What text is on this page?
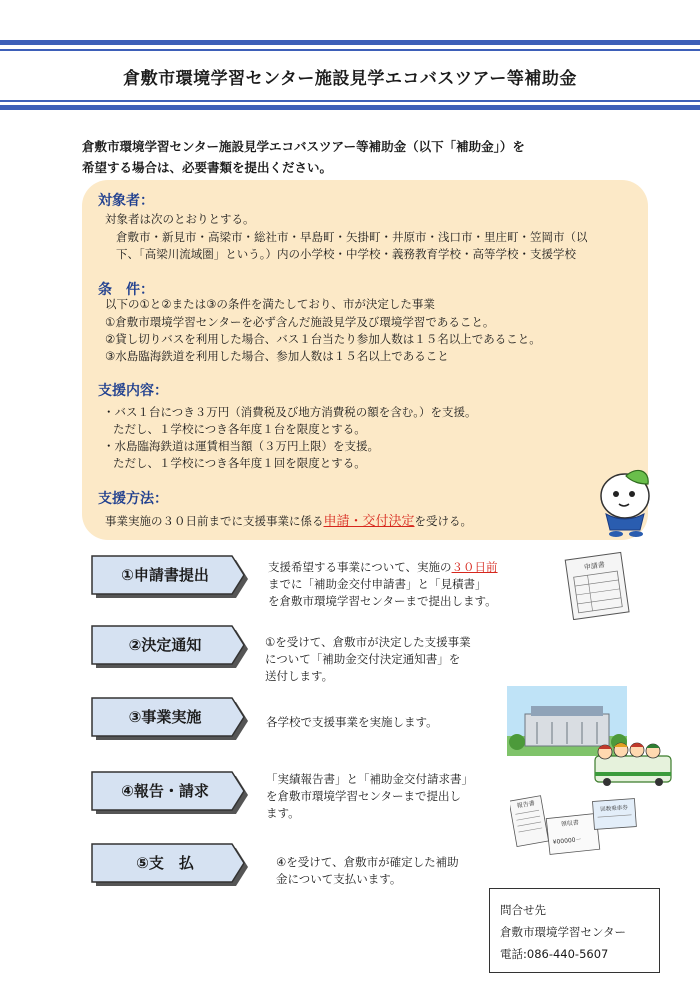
倉敷市環境学習センター施設見学エコバスツアー等補助金
倉敷市環境学習センター施設見学エコバスツアー等補助金（以下「補助金」）を
希望する場合は、必要書類を提出ください。
対象者：
対象者は次のとおりとする。
倉敷市・新見市・高梁市・総社市・早島町・矢掛町・井原市・浅口市・里庄町・笠岡市（以
下、「高梁川流域圏」という。）内の小学校・中学校・義務教育学校・高等学校・支援学校
条　件：
以下の①と②または③の条件を満たしており、市が決定した事業
①倉敷市環境学習センターを必ず含んだ施設見学及び環境学習であること。
②貸し切りバスを利用した場合、バス１台当たり参加人数は１５名以上であること。
③水島臨海鉄道を利用した場合、参加人数は１５名以上であること
支援内容：
・バス１台につき３万円（消費税及び地方消費税の額を含む。）を支援。
ただし、１学校につき各年度１台を限度とする。
・水島臨海鉄道は運賃相当額（３万円上限）を支援。
ただし、１学校につき各年度１回を限度とする。
支援方法：
事業実施の３０日前までに支援事業に係る申請・交付決定を受ける。
①申請書提出	支援希望する事業について、実施の３０日前
までに「補助金交付申請書」と「見積書」
を倉敷市環境学習センターまで提出します。
申請書
②決定通知	①を受けて、倉敷市が決定した支援事業
について「補助金交付決定通知書」を
送付します。
③事業実施	各学校で支援事業を実施します。
④報告・請求
「実績報告書」と「補助金交付請求書」
を倉敷市環境学習センターまで提出し
ます。
報告書
領収書
¥00000－
回数乗車券
⑤支　払	④を受けて、倉敷市が確定した補助
金について支払います。
問合せ先
倉敷市環境学習センター
電話:086-440-5607
